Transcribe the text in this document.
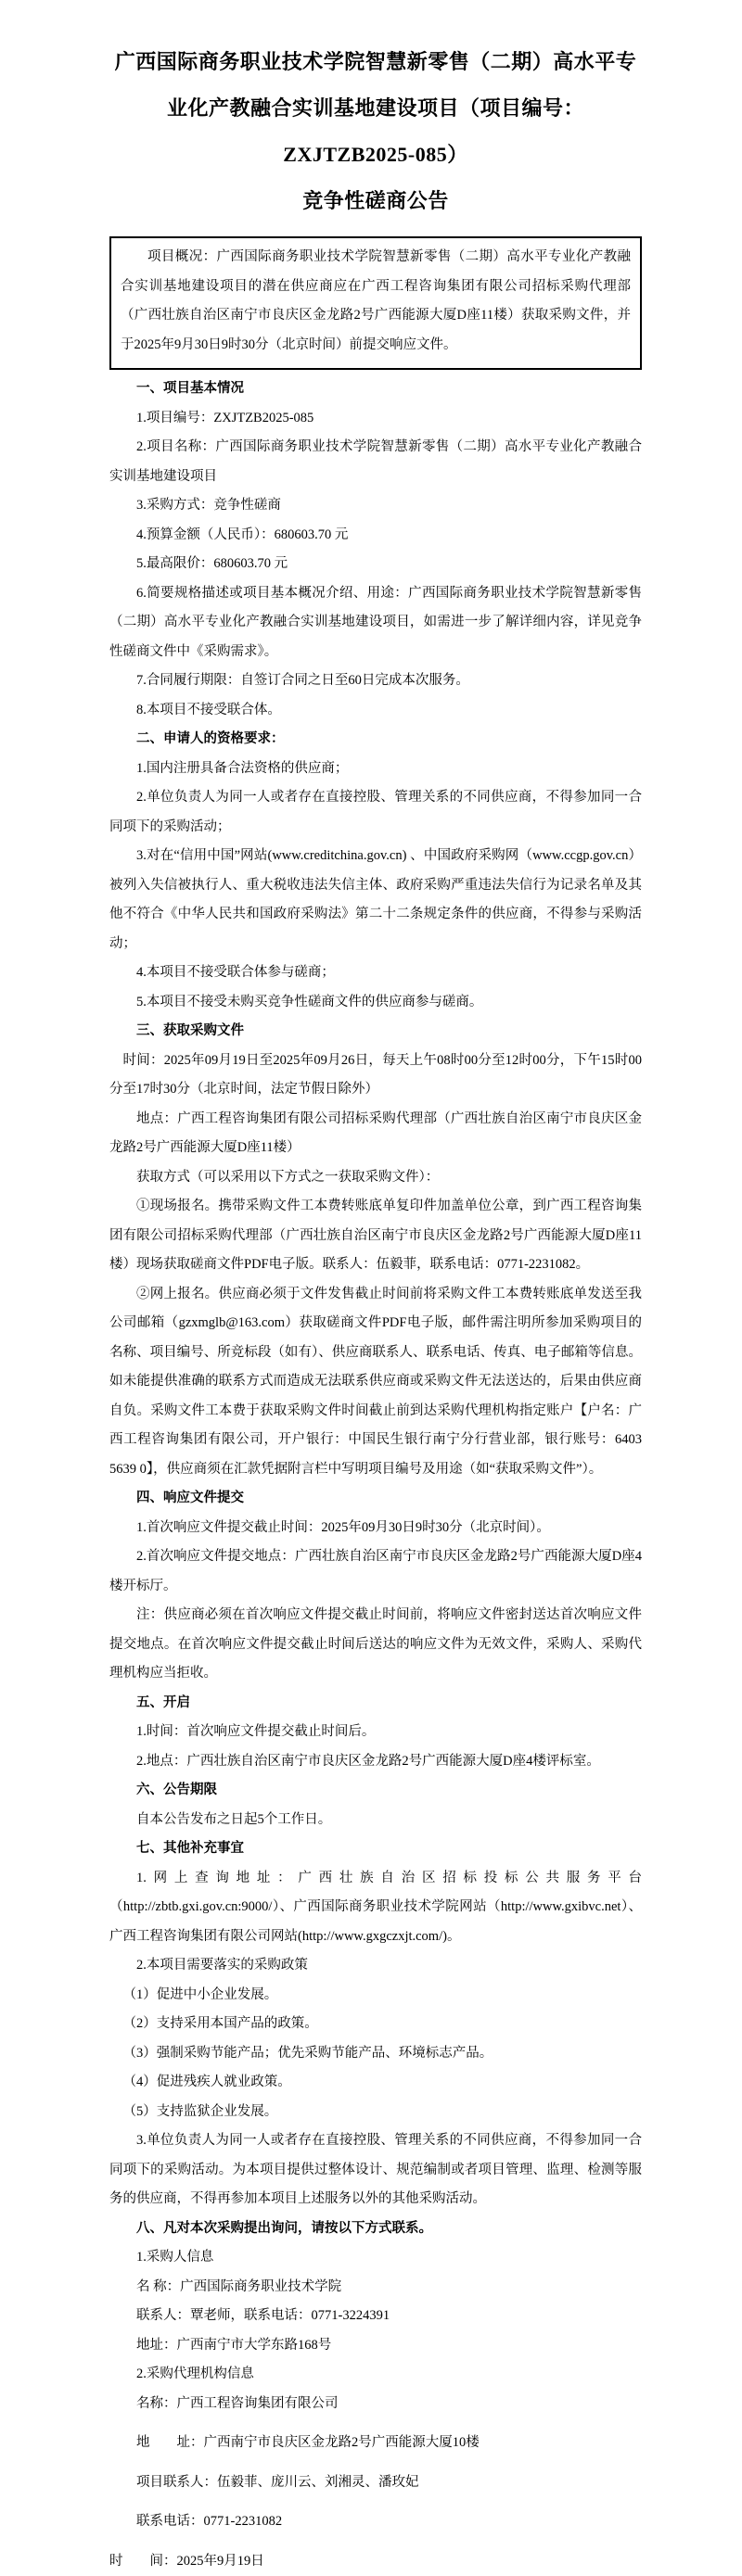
广西国际商务职业技术学院智慧新零售（二期）高水平专业化产教融合实训基地建设项目（项目编号：ZXJTZB2025-085）
竞争性磋商公告
项目概况：广西国际商务职业技术学院智慧新零售（二期）高水平专业化产教融合实训基地建设项目的潜在供应商应在广西工程咨询集团有限公司招标采购代理部（广西壮族自治区南宁市良庆区金龙路2号广西能源大厦D座11楼）获取采购文件，并于2025年9月30日9时30分（北京时间）前提交响应文件。
一、项目基本情况
1.项目编号：ZXJTZB2025-085
2.项目名称：广西国际商务职业技术学院智慧新零售（二期）高水平专业化产教融合实训基地建设项目
3.采购方式：竞争性磋商
4.预算金额（人民币）：680603.70 元
5.最高限价：680603.70 元
6.简要规格描述或项目基本概况介绍、用途：广西国际商务职业技术学院智慧新零售（二期）高水平专业化产教融合实训基地建设项目，如需进一步了解详细内容，详见竞争性磋商文件中《采购需求》。
7.合同履行期限：自签订合同之日至60日完成本次服务。
8.本项目不接受联合体。
二、申请人的资格要求：
1.国内注册具备合法资格的供应商；
2.单位负责人为同一人或者存在直接控股、管理关系的不同供应商，不得参加同一合同项下的采购活动；
3.对在“信用中国”网站(www.creditchina.gov.cn) 、中国政府采购网（www.ccgp.gov.cn）被列入失信被执行人、重大税收违法失信主体、政府采购严重违法失信行为记录名单及其他不符合《中华人民共和国政府采购法》第二十二条规定条件的供应商，不得参与采购活动；
4.本项目不接受联合体参与磋商；
5.本项目不接受未购买竞争性磋商文件的供应商参与磋商。
三、获取采购文件
时间：2025年09月19日至2025年09月26日，每天上午08时00分至12时00分，下午15时00分至17时30分（北京时间，法定节假日除外）
地点：广西工程咨询集团有限公司招标采购代理部（广西壮族自治区南宁市良庆区金龙路2号广西能源大厦D座11楼）
获取方式（可以采用以下方式之一获取采购文件）：
①现场报名。携带采购文件工本费转账底单复印件加盖单位公章，到广西工程咨询集团有限公司招标采购代理部（广西壮族自治区南宁市良庆区金龙路2号广西能源大厦D座11楼）现场获取磋商文件PDF电子版。联系人：伍毅菲，联系电话：0771-2231082。
②网上报名。供应商必须于文件发售截止时间前将采购文件工本费转账底单发送至我公司邮箱（gzxmglb@163.com）获取磋商文件PDF电子版，邮件需注明所参加采购项目的名称、项目编号、所竞标段（如有）、供应商联系人、联系电话、传真、电子邮箱等信息。如未能提供准确的联系方式而造成无法联系供应商或采购文件无法送达的，后果由供应商自负。采购文件工本费于获取采购文件时间截止前到达采购代理机构指定账户【户名：广西工程咨询集团有限公司，开户银行：中国民生银行南宁分行营业部，银行账号：6403 5639 0】，供应商须在汇款凭据附言栏中写明项目编号及用途（如“获取采购文件”）。
四、响应文件提交
1.首次响应文件提交截止时间：2025年09月30日9时30分（北京时间）。
2.首次响应文件提交地点：广西壮族自治区南宁市良庆区金龙路2号广西能源大厦D座4楼开标厅。
注：供应商必须在首次响应文件提交截止时间前，将响应文件密封送达首次响应文件提交地点。在首次响应文件提交截止时间后送达的响应文件为无效文件，采购人、采购代理机构应当拒收。
五、开启
1.时间：首次响应文件提交截止时间后。
2.地点：广西壮族自治区南宁市良庆区金龙路2号广西能源大厦D座4楼评标室。
六、公告期限
自本公告发布之日起5个工作日。
七、其他补充事宜
1.网上查询地址：广西壮族自治区招标投标公共服务平台（http://zbtb.gxi.gov.cn:9000/）、广西国际商务职业技术学院网站（http://www.gxibvc.net）、广西工程咨询集团有限公司网站(http://www.gxgczxjt.com/)。
2.本项目需要落实的采购政策
（1）促进中小企业发展。
（2）支持采用本国产品的政策。
（3）强制采购节能产品；优先采购节能产品、环境标志产品。
（4）促进残疾人就业政策。
（5）支持监狱企业发展。
3.单位负责人为同一人或者存在直接控股、管理关系的不同供应商，不得参加同一合同项下的采购活动。为本项目提供过整体设计、规范编制或者项目管理、监理、检测等服务的供应商，不得再参加本项目上述服务以外的其他采购活动。
八、凡对本次采购提出询问，请按以下方式联系。
1.采购人信息
名 称：广西国际商务职业技术学院
联系人：覃老师，联系电话：0771-3224391
地址：广西南宁市大学东路168号
2.采购代理机构信息
名称：广西工程咨询集团有限公司
地　　址：广西南宁市良庆区金龙路2号广西能源大厦10楼
项目联系人：伍毅菲、庞川云、刘湘灵、潘玫妃
联系电话：0771-2231082
时　　间：2025年9月19日
